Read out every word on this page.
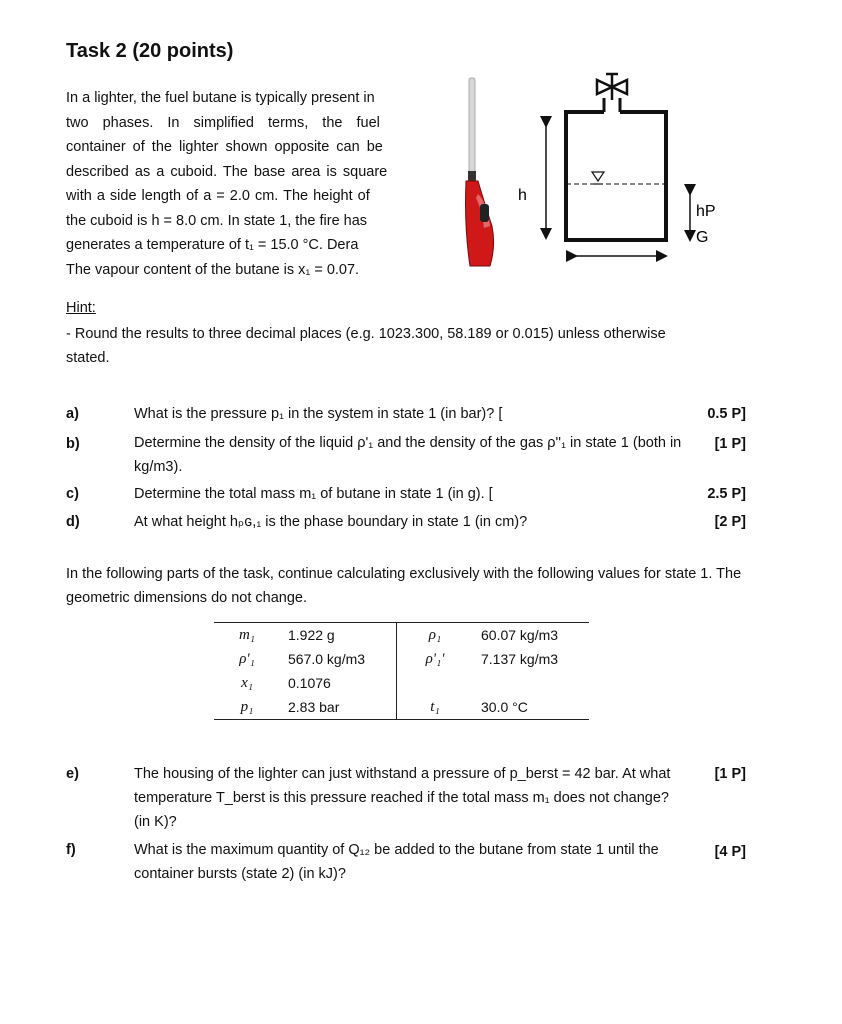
Task 2 (20 points)
In a lighter, the fuel butane is typically present in
two phases. In simplified terms, the fuel
container of the lighter shown opposite can be
described as a cuboid. The base area is square
with a side length of a = 2.0 cm. The height of
the cuboid is h = 8.0 cm. In state 1, the fire has
generates a temperature of t₁ = 15.0 °C. Dera
The vapour content of the butane is x₁ = 0.07.
h
hP
G
Hint:
- Round the results to three decimal places (e.g. 1023.300, 58.189 or 0.015) unless otherwise stated.
a)	What is the pressure p₁ in the system in state 1 (in bar)? [	0.5 P]
b)	Determine the density of the liquid ρ'₁ and the density of the gas ρ''₁ in state 1 (both in kg/m3).
[1 P]
c)	Determine the total mass m₁ of butane in state 1 (in g). [	2.5 P]
d)	At what height hₚɢ,₁ is the phase boundary in state 1 (in cm)?	[2 P]
In the following parts of the task, continue calculating exclusively with the following values for state 1. The geometric dimensions do not change.
m₁	1.922 g	ρ₁	60.07 kg/m3
ρ'₁	567.0 kg/m3	ρ'₁'	7.137 kg/m3
x₁	0.1076		
p₁	2.83 bar	t₁	30.0 °C
e)	The housing of the lighter can just withstand a pressure of p_berst = 42 bar. At what temperature T_berst is this pressure reached if the total mass m₁ does not change? (in K)?
[1 P]
f)	What is the maximum quantity of Q₁₂ be added to the butane from state 1 until the container bursts (state 2) (in kJ)?
[4 P]
